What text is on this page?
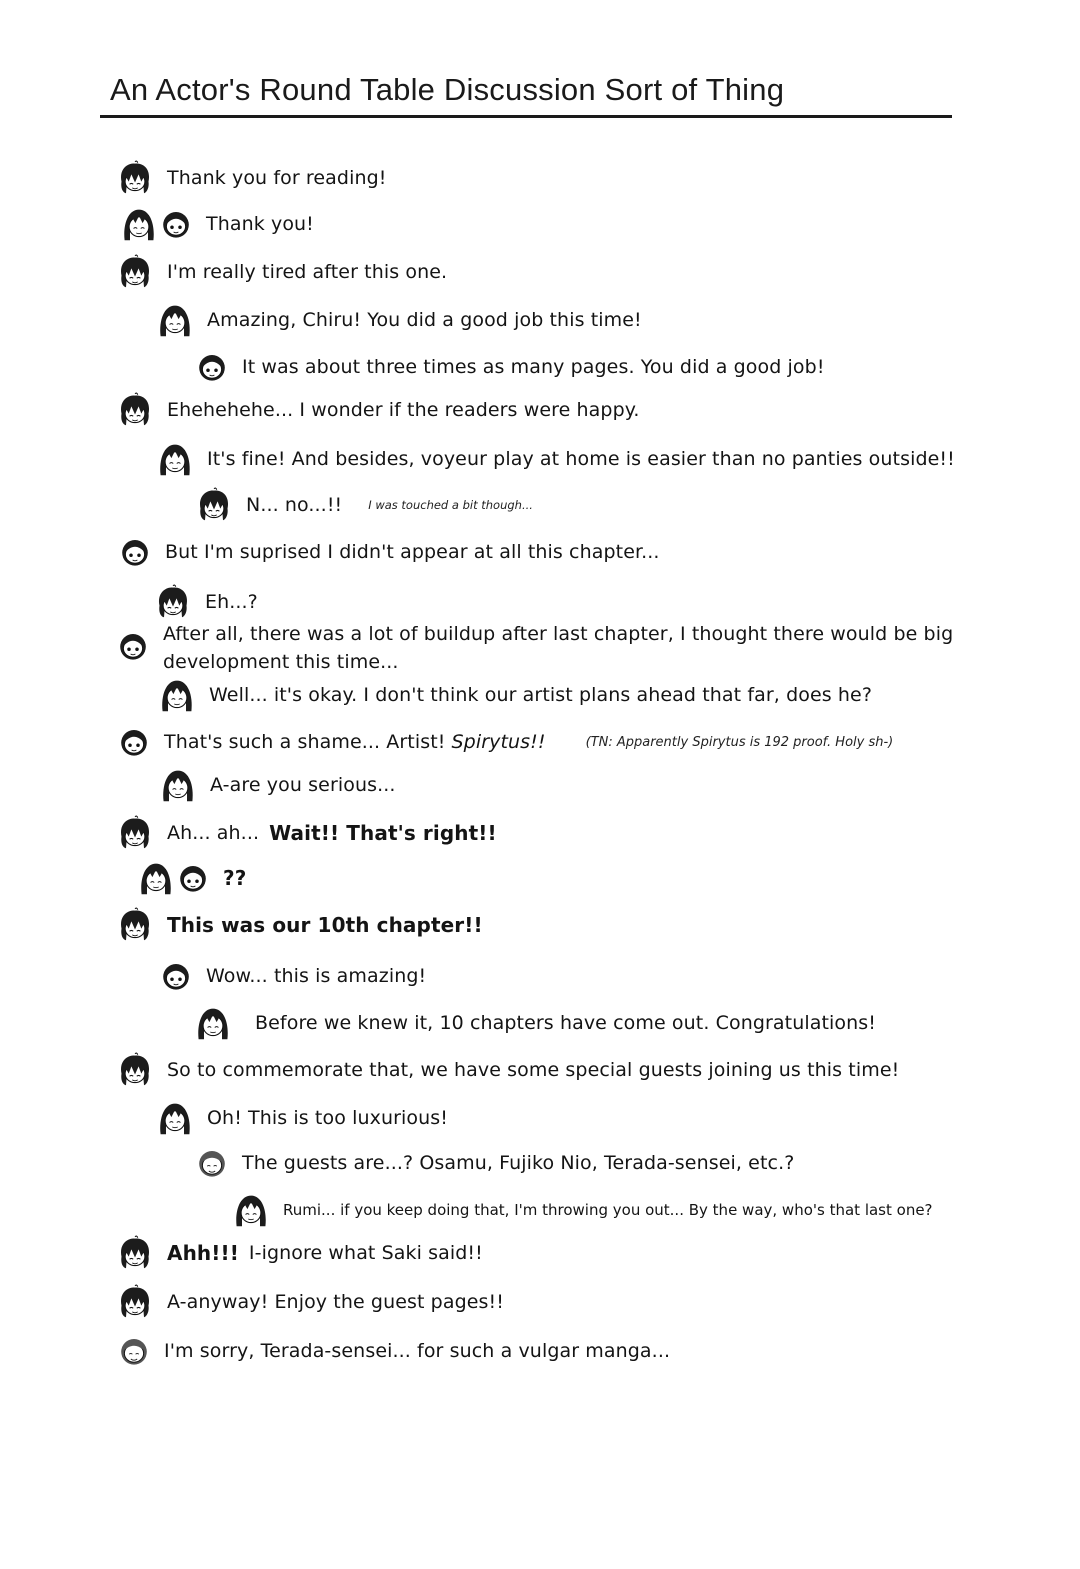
An Actor's Round Table Discussion Sort of Thing
Thank you for reading!
Thank you!
I'm really tired after this one.
Amazing, Chiru! You did a good job this time!
It was about three times as many pages. You did a good job!
Ehehehehe... I wonder if the readers were happy.
It's fine! And besides, voyeur play at home is easier than no panties outside!!
N... no...!! I was touched a bit though...
But I'm suprised I didn't appear at all this chapter...
Eh...?
After all, there was a lot of buildup after last chapter, I thought there would be big development this time...
Well... it's okay. I don't think our artist plans ahead that far, does he?
That's such a shame... Artist! Spirytus!!	(TN: Apparently Spirytus is 192 proof. Holy sh-)
A-are you serious...
Ah... ah... Wait!! That's right!!
??
This was our 10th chapter!!
Wow... this is amazing!
Before we knew it, 10 chapters have come out. Congratulations!
So to commemorate that, we have some special guests joining us this time!
Oh! This is too luxurious!
The guests are...? Osamu, Fujiko Nio, Terada-sensei, etc.?
Rumi... if you keep doing that, I'm throwing you out... By the way, who's that last one?
Ahh!!! I-ignore what Saki said!!
A-anyway! Enjoy the guest pages!!
I'm sorry, Terada-sensei... for such a vulgar manga...
